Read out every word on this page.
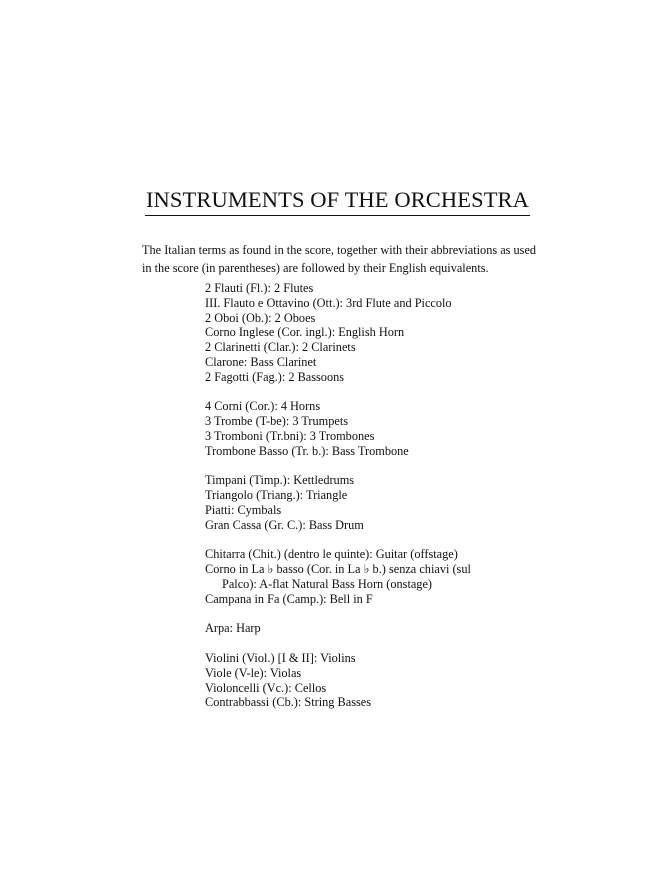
INSTRUMENTS OF THE ORCHESTRA
The Italian terms as found in the score, together with their abbreviations as used
in the score (in parentheses) are followed by their English equivalents.
2 Flauti (Fl.): 2 Flutes
III. Flauto e Ottavino (Ott.): 3rd Flute and Piccolo
2 Oboi (Ob.): 2 Oboes
Corno Inglese (Cor. ingl.): English Horn
2 Clarinetti (Clar.): 2 Clarinets
Clarone: Bass Clarinet
2 Fagotti (Fag.): 2 Bassoons
4 Corni (Cor.): 4 Horns
3 Trombe (T-be): 3 Trumpets
3 Tromboni (Tr.bni): 3 Trombones
Trombone Basso (Tr. b.): Bass Trombone
Timpani (Timp.): Kettledrums
Triangolo (Triang.): Triangle
Piatti: Cymbals
Gran Cassa (Gr. C.): Bass Drum
Chitarra (Chit.) (dentro le quinte): Guitar (offstage)
Corno in La ♭ basso (Cor. in La ♭ b.) senza chiavi (sul
Palco): A-flat Natural Bass Horn (onstage)
Campana in Fa (Camp.): Bell in F
Arpa: Harp
Violini (Viol.) [I & II]: Violins
Viole (V-le): Violas
Violoncelli (Vc.): Cellos
Contrabbassi (Cb.): String Basses
